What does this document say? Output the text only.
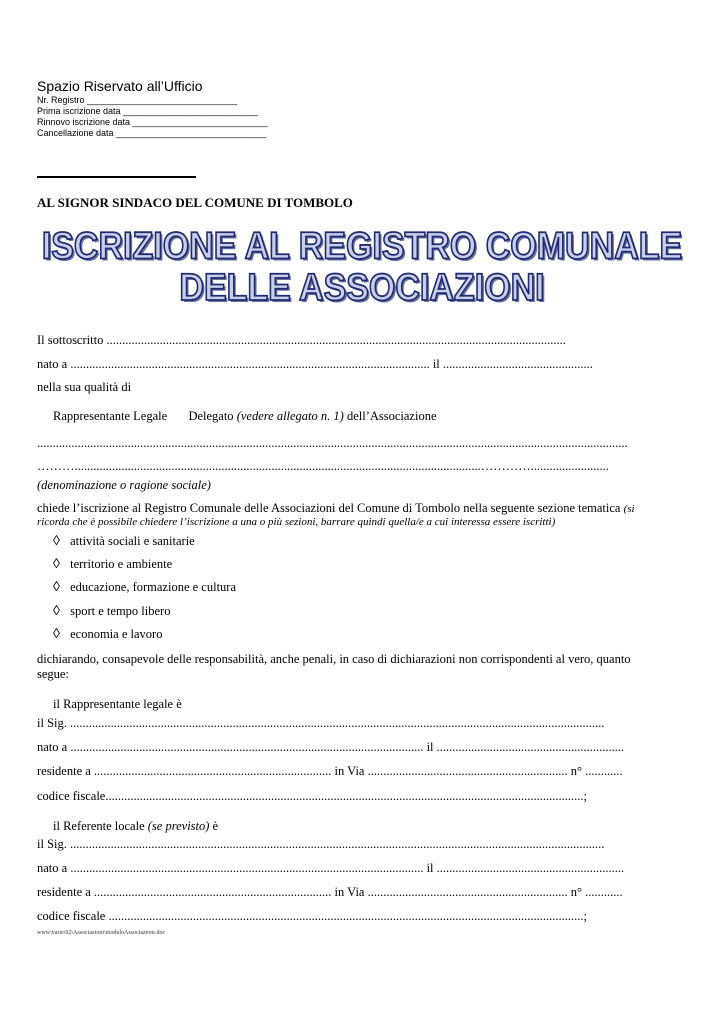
Spazio Riservato all’Ufficio
Nr. Registro ______________________________
Prima iscrizione data ___________________________
Rinnovo iscrizione data ___________________________
Cancellazione data ______________________________
AL SIGNOR SINDACO DEL COMUNE DI TOMBOLO
ISCRIZIONE AL REGISTRO COMUNALE
DELLE ASSOCIAZIONI
Il sottoscritto ...................................................................................................................................................
nato a ................................................................................................................... il ................................................
nella sua qualità di
Rappresentante Legale Delegato (vedere allegato n. 1) dell’Associazione
.............................................................................................................................................................................................
………..................................................................................................................................………….........................
(denominazione o ragione sociale)
chiede l’iscrizione al Registro Comunale delle Associazioni del Comune di Tombolo nella seguente sezione tematica (si
ricorda che è possibile chiedere l’iscrizione a una o più sezioni, barrare quindi quella/e a cui interessa essere iscritti)
◊ attività sociali e sanitarie
◊ territorio e ambiente
◊ educazione, formazione e cultura
◊ sport e tempo libero
◊ economia e lavoro
dichiarando, consapevole delle responsabilità, anche penali, in caso di dichiarazioni non corrispondenti al vero, quanto
segue:
il Rappresentante legale è
il Sig. ...........................................................................................................................................................................
nato a ................................................................................................................. il ............................................................
residente a ............................................................................ in Via ................................................................ n° ............
codice fiscale.........................................................................................................................................................;
il Referente locale (se previsto) è
il Sig. ...........................................................................................................................................................................
nato a ................................................................................................................. il ............................................................
residente a ............................................................................ in Via ................................................................ n° ............
codice fiscale ........................................................................................................................................................;
www\varie\02\Associazioni\moduloAssociazioni.doc
